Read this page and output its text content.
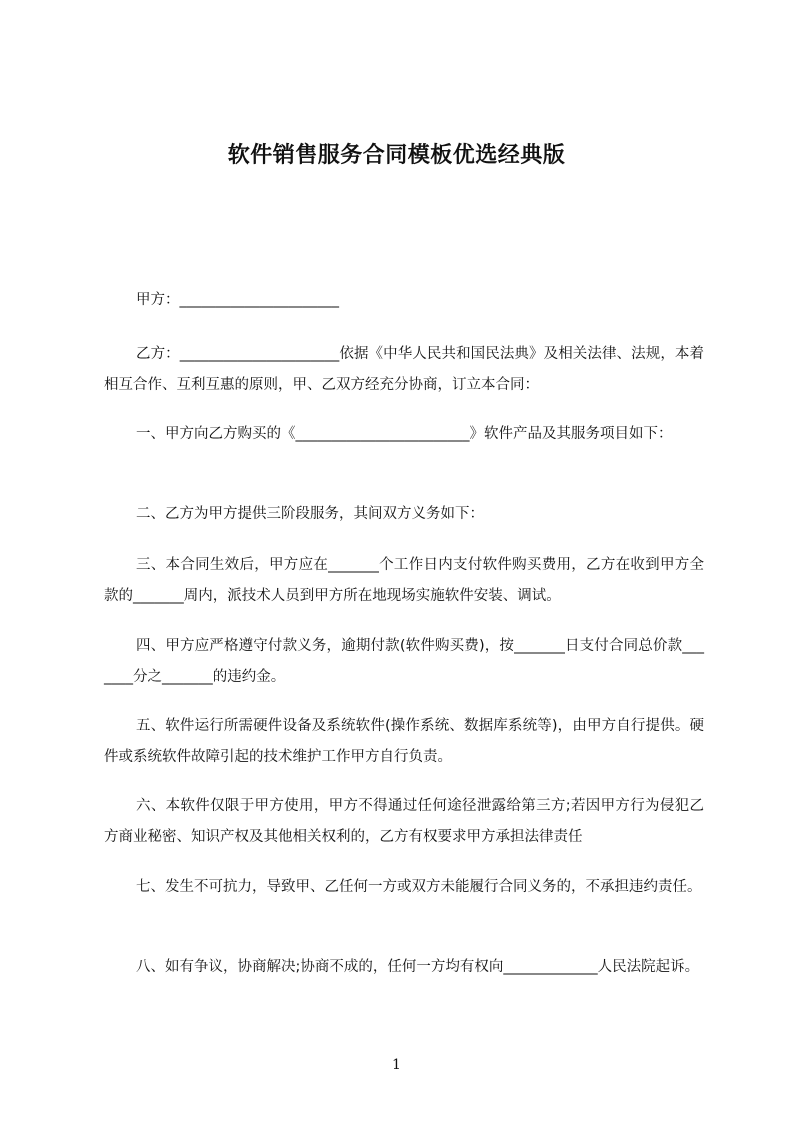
软件销售服务合同模板优选经典版

甲方：______________________

乙方：______________________依据《中华人民共和国民法典》及相关法律、法规，本着相互合作、互利互惠的原则，甲、乙双方经充分协商，订立本合同：

一、甲方向乙方购买的《________________________》软件产品及其服务项目如下：

二、乙方为甲方提供三阶段服务，其间双方义务如下：

三、本合同生效后，甲方应在_______个工作日内支付软件购买费用，乙方在收到甲方全款的_______周内，派技术人员到甲方所在地现场实施软件安装、调试。

四、甲方应严格遵守付款义务，逾期付款(软件购买费)，按_______日支付合同总价款_______分之_______的违约金。

五、软件运行所需硬件设备及系统软件(操作系统、数据库系统等)，由甲方自行提供。硬件或系统软件故障引起的技术维护工作甲方自行负责。

六、本软件仅限于甲方使用，甲方不得通过任何途径泄露给第三方;若因甲方行为侵犯乙方商业秘密、知识产权及其他相关权利的，乙方有权要求甲方承担法律责任

七、发生不可抗力，导致甲、乙任何一方或双方未能履行合同义务的，不承担违约责任。

八、如有争议，协商解决;协商不成的，任何一方均有权向_____________人民法院起诉。

1
